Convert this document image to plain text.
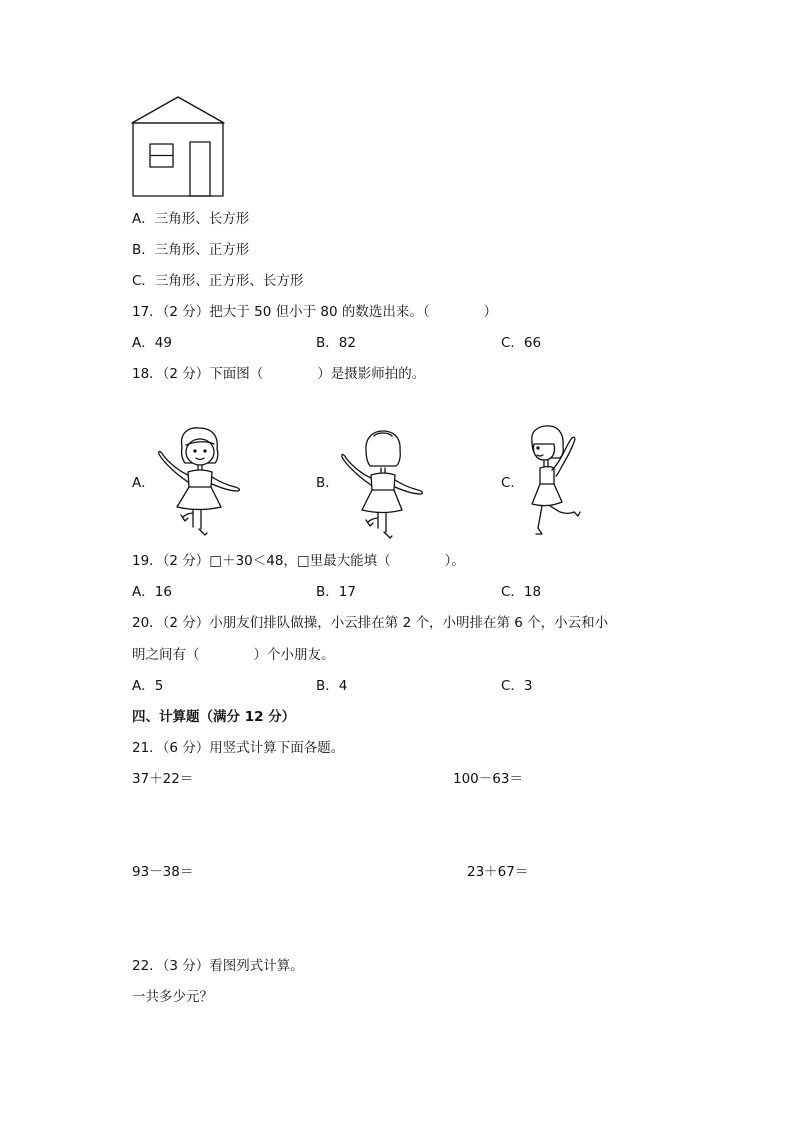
A．三角形、长方形
B．三角形、正方形
C．三角形、正方形、长方形
17．（2 分）把大于 50 但小于 80 的数选出来。（　　　　）
A．49	B．82	C．66
18．（2 分）下面图（　　　　）是摄影师拍的。
A．	B．	C．
19．（2 分）□＋30＜48，□里最大能填（　　　　）。
A．16	B．17	C．18
20．（2 分）小朋友们排队做操，小云排在第 2 个，小明排在第 6 个，小云和小
明之间有（　　　　）个小朋友。
A．5	B．4	C．3
四、计算题（满分 12 分）
21．（6 分）用竖式计算下面各题。
37＋22＝	100－63＝
93－38＝	23＋67＝
22．（3 分）看图列式计算。
一共多少元？
